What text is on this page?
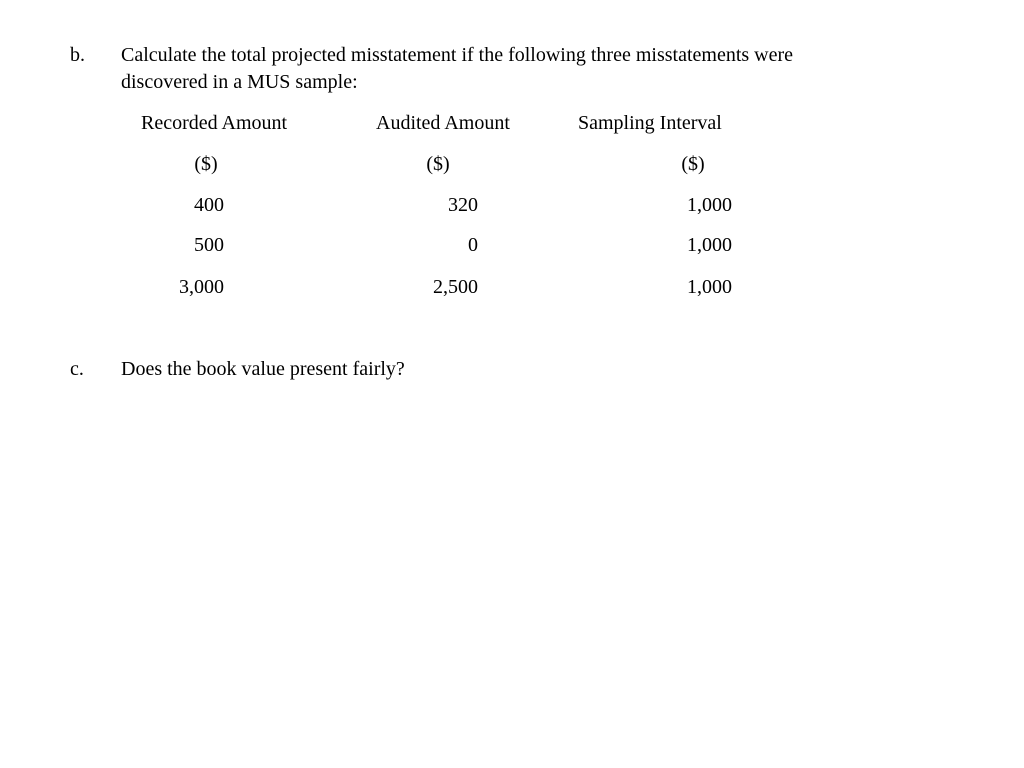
b. Calculate the total projected misstatement if the following three misstatements were
discovered in a MUS sample:
Recorded Amount	Audited Amount	Sampling Interval
($)	($)	($)
400	320	1,000
500	0	1,000
3,000	2,500	1,000
c. Does the book value present fairly?
